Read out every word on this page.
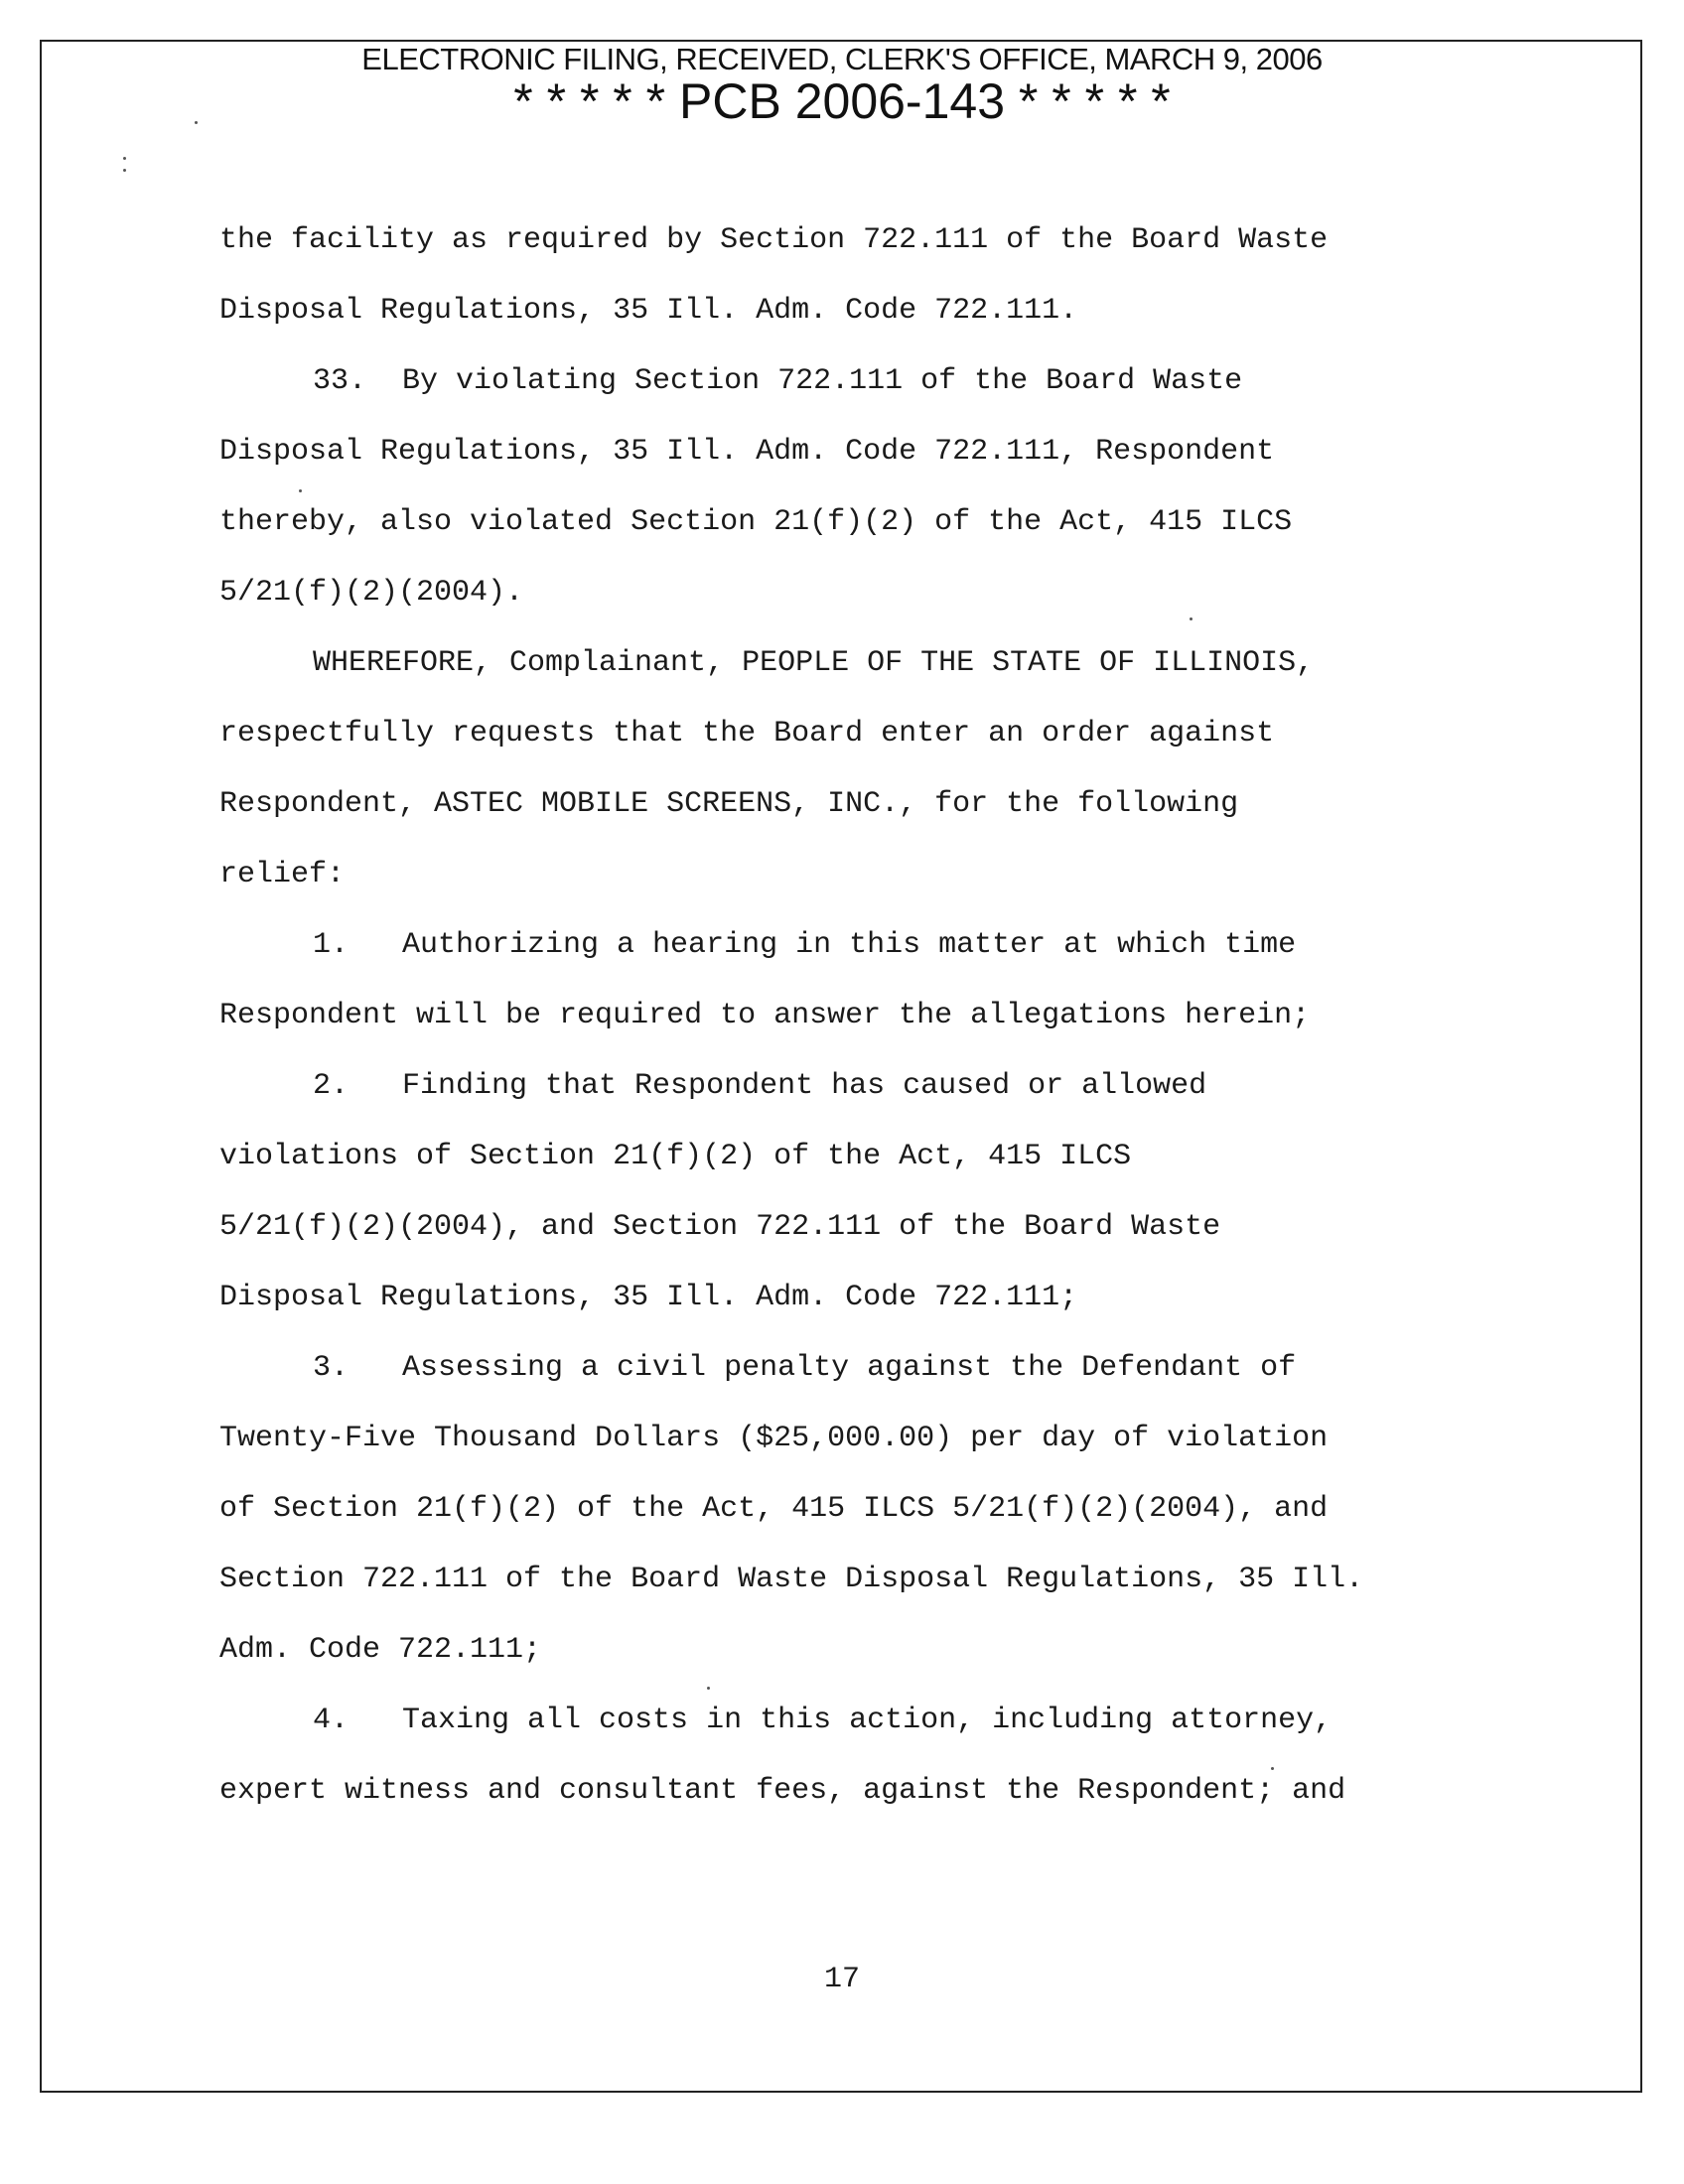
ELECTRONIC FILING, RECEIVED, CLERK'S OFFICE, MARCH 9, 2006
* * * * * PCB 2006-143 * * * * *
the facility as required by Section 722.111 of the Board Waste
Disposal Regulations, 35 Ill. Adm. Code 722.111.
33.  By violating Section 722.111 of the Board Waste
Disposal Regulations, 35 Ill. Adm. Code 722.111, Respondent
thereby, also violated Section 21(f)(2) of the Act, 415 ILCS
5/21(f)(2)(2004).
WHEREFORE, Complainant, PEOPLE OF THE STATE OF ILLINOIS,
respectfully requests that the Board enter an order against
Respondent, ASTEC MOBILE SCREENS, INC., for the following
relief:
1.   Authorizing a hearing in this matter at which time
Respondent will be required to answer the allegations herein;
2.   Finding that Respondent has caused or allowed
violations of Section 21(f)(2) of the Act, 415 ILCS
5/21(f)(2)(2004), and Section 722.111 of the Board Waste
Disposal Regulations, 35 Ill. Adm. Code 722.111;
3.   Assessing a civil penalty against the Defendant of
Twenty-Five Thousand Dollars ($25,000.00) per day of violation
of Section 21(f)(2) of the Act, 415 ILCS 5/21(f)(2)(2004), and
Section 722.111 of the Board Waste Disposal Regulations, 35 Ill.
Adm. Code 722.111;
4.   Taxing all costs in this action, including attorney,
expert witness and consultant fees, against the Respondent; and
17
